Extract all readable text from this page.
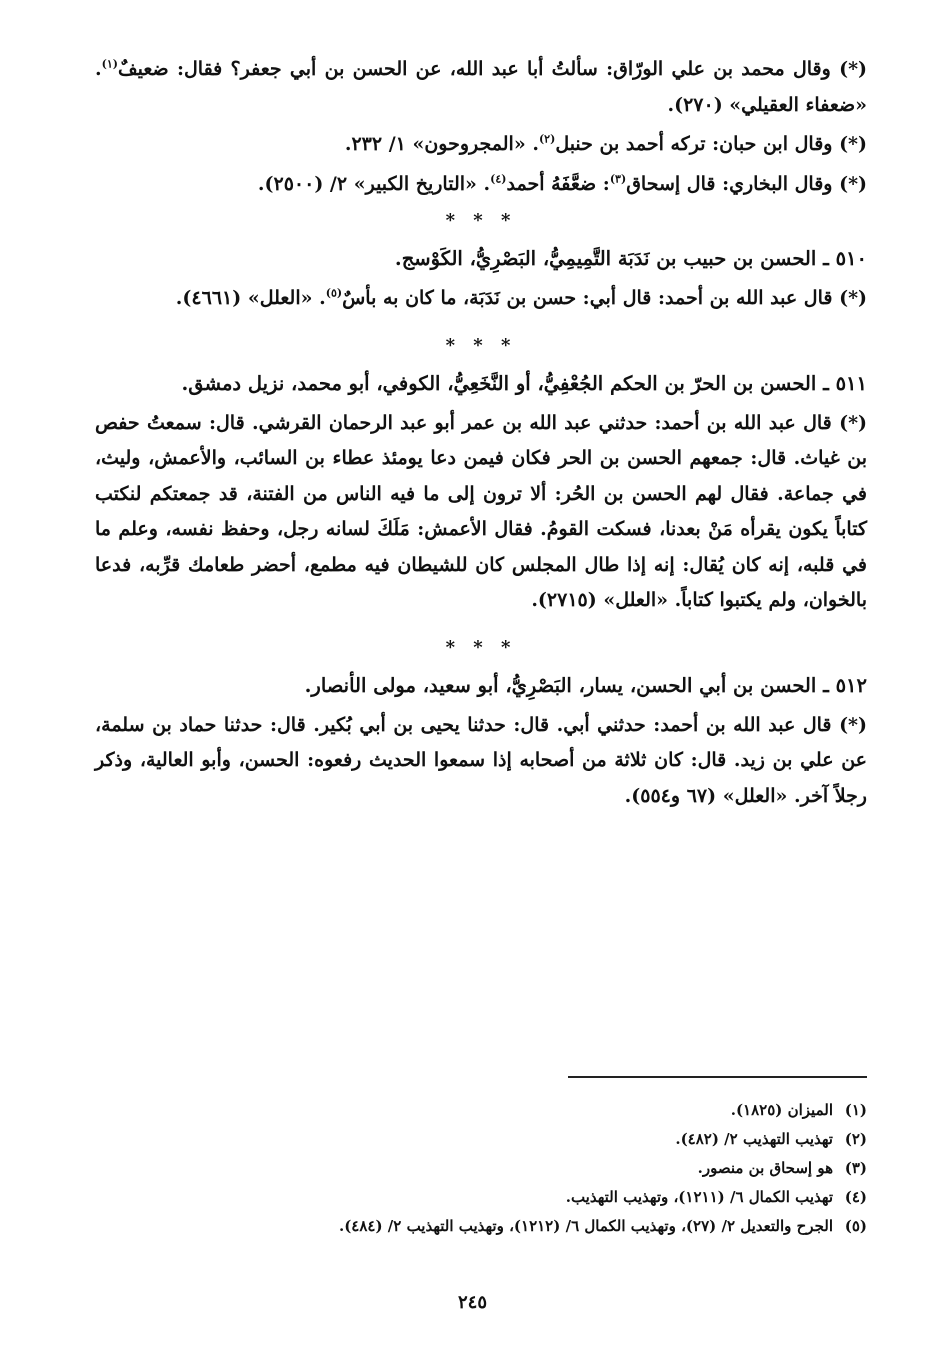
(*) وقال محمد بن علي الورّاق: سألتُ أبا عبد الله، عن الحسن بن أبي جعفر؟ فقال: ضعيفٌ$^{(١)}$. «ضعفاء العقيلي» (٢٧٠).

(*) وقال ابن حبان: تركه أحمد بن حنبل$^{(٢)}$. «المجروحون» ١/ ٢٣٢.

(*) وقال البخاري: قال إسحاق$^{(٣)}$: ضعَّفَهُ أحمد$^{(٤)}$. «التاريخ الكبير» ٢/ (٢٥٠٠).

* * *

٥١٠ ـ الحسن بن حبيب بن نَدَبَة التَّمِيمِيُّ، البَصْرِيُّ، الكَوْسج.

(*) قال عبد الله بن أحمد: قال أبي: حسن بن نَدَبَة، ما كان به بأسٌ$^{(٥)}$. «العلل» (٤٦٦١).

* * *

٥١١ ـ الحسن بن الحرّ بن الحكم الجُعْفِيُّ، أو النَّخَعِيُّ، الكوفي، أبو محمد، نزيل دمشق.

(*) قال عبد الله بن أحمد: حدثني عبد الله بن عمر أبو عبد الرحمان القرشي. قال: سمعتُ حفص بن غياث. قال: جمعهم الحسن بن الحر فكان فيمن دعا يومئذ عطاء بن السائب، والأعمش، وليث، في جماعة. فقال لهم الحسن بن الحُر: ألا ترون إلى ما فيه الناس من الفتنة، قد جمعتكم لنكتب كتاباً يكون يقرأه مَنْ بعدنا، فسكت القومُ. فقال الأعمش: مَلَكَ لسانه رجل، وحفظ نفسه، وعلم ما في قلبه، إنه كان يُقال: إنه إذا طال المجلس كان للشيطان فيه مطمع، أحضر طعامك قرِّبه، فدعا بالخوان، ولم يكتبوا كتاباً. «العلل» (٢٧١٥).

* * *

٥١٢ ـ الحسن بن أبي الحسن، يسار، البَصْرِيُّ، أبو سعيد، مولى الأنصار.

(*) قال عبد الله بن أحمد: حدثني أبي. قال: حدثنا يحيى بن أبي بُكير. قال: حدثنا حماد بن سلمة، عن علي بن زيد. قال: كان ثلاثة من أصحابه إذا سمعوا الحديث رفعوه: الحسن، وأبو العالية، وذكر رجلاً آخر. «العلل» (٦٧ و٥٥٤).

(١)الميزان (١٨٢٥).
(٢)تهذيب التهذيب ٢/ (٤٨٢).
(٣)هو إسحاق بن منصور.
(٤)تهذيب الكمال ٦/ (١٢١١)، وتهذيب التهذيب.
(٥)الجرح والتعديل ٢/ (٢٧)، وتهذيب الكمال ٦/ (١٢١٢)، وتهذيب التهذيب ٢/ (٤٨٤).
٢٤٥
